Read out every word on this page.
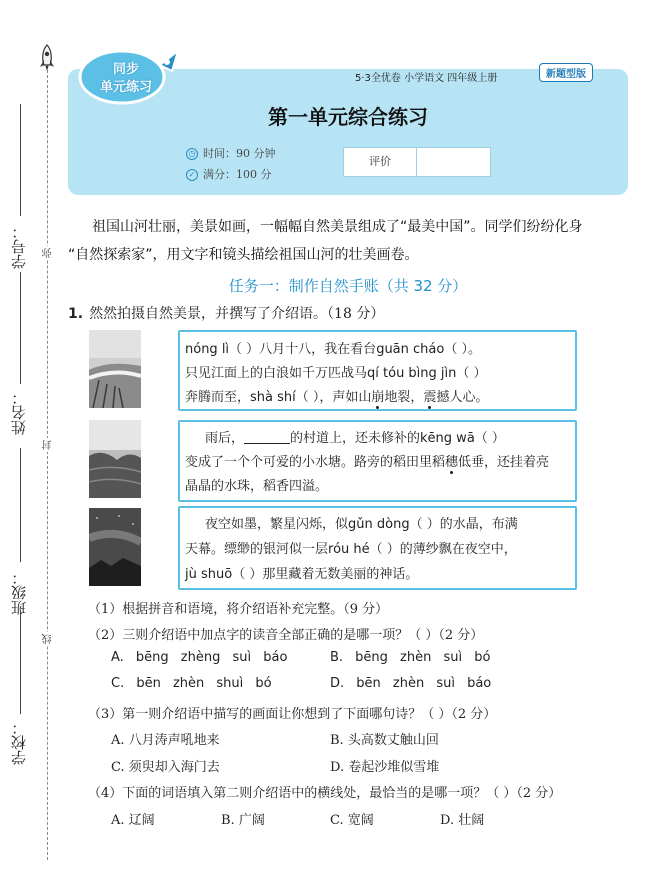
学号：
姓名：
班级：
学校：
弥
封
线
同步
单元练习
5·3全优卷 小学语文 四年级上册	新题型版
第一单元综合练习
◷ 时间：90 分钟
✓ 满分：100 分
评价
祖国山河壮丽，美景如画，一幅幅自然美景组成了“最美中国”。同学们纷纷化身
“自然探索家”，用文字和镜头描绘祖国山河的壮美画卷。
任务一：制作自然手账（共 32 分）
1. 然然拍摄自然美景，并撰写了介绍语。（18 分）
nóng lì（ ）八月十八，我在看台guān cháo（ ）。
只见江面上的白浪如千万匹战马qí tóu bìng jìn（ ）
奔腾而至，shà shí（ ），声如山崩地裂，震撼人心。
雨后，	的村道上，还未修补的kēng wā（ ）
变成了一个个可爱的小水塘。路旁的稻田里稻穗低垂，还挂着亮
晶晶的水珠，稻香四溢。
夜空如墨，繁星闪烁，似gǔn dòng（ ）的水晶，布满
天幕。缥缈的银河似一层róu hé（ ）的薄纱飘在夜空中，
jù shuō（ ）那里藏着无数美丽的神话。
（1）根据拼音和语境，将介绍语补充完整。（9 分）
（2）三则介绍语中加点字的读音全部正确的是哪一项？（ ）（2 分）
A. bēng zhèng suì báo	B. bēng zhèn suì bó
C. bēn zhèn shuì bó	D. bēn zhèn suì báo
（3）第一则介绍语中描写的画面让你想到了下面哪句诗？（ ）（2 分）
A. 八月涛声吼地来	B. 头高数丈触山回
C. 须臾却入海门去	D. 卷起沙堆似雪堆
（4）下面的词语填入第二则介绍语中的横线处，最恰当的是哪一项？（ ）（2 分）
A. 辽阔	B. 广阔	C. 宽阔	D. 壮阔
